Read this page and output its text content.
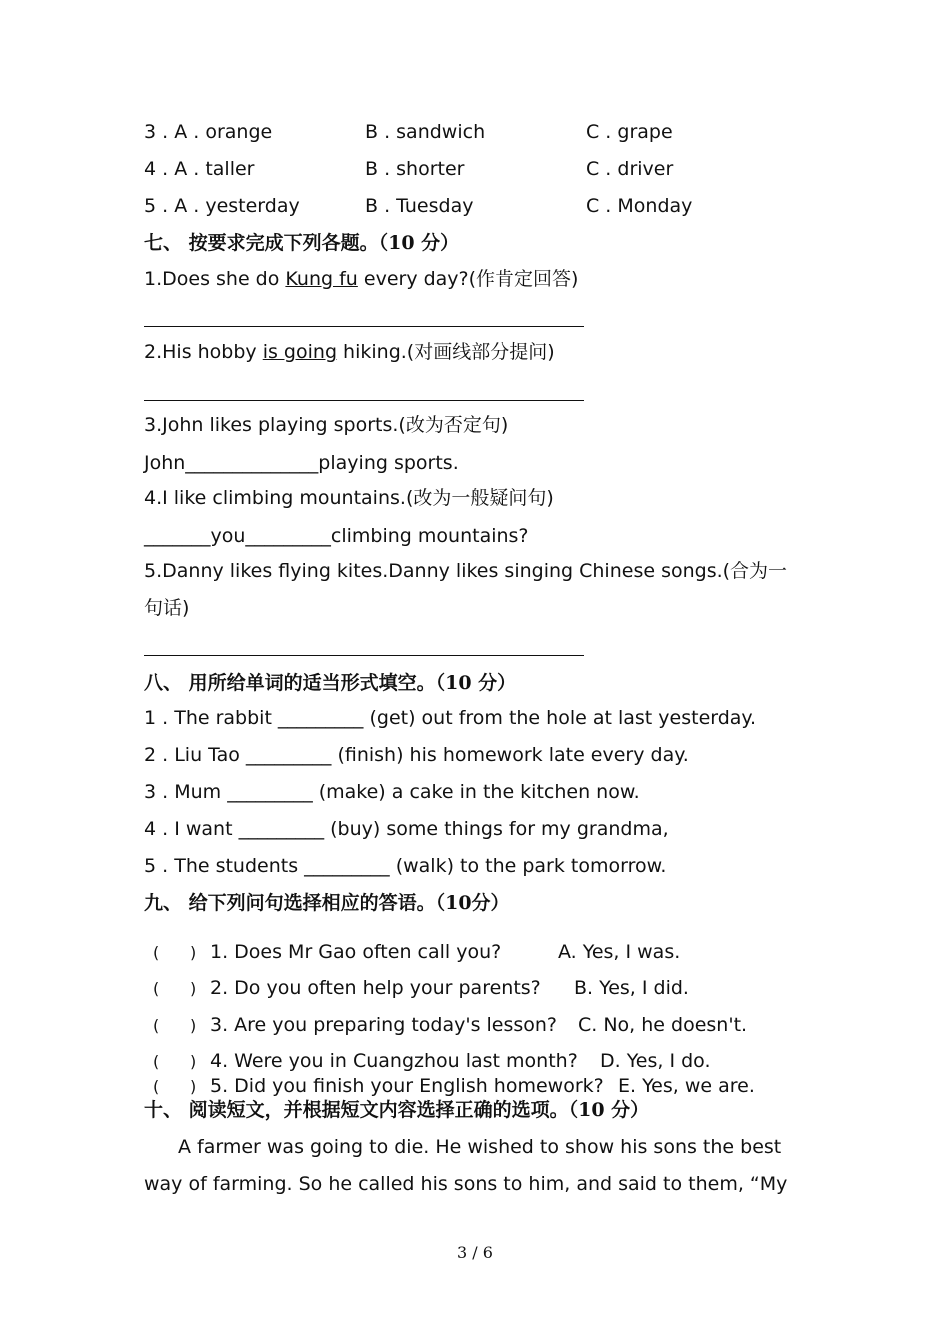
3 . A . orange	B . sandwich	C . grape
4 . A . taller	B . shorter	C . driver
5 . A . yesterday	B . Tuesday	C . Monday
七、 按要求完成下列各题。（10 分）
1.Does she do Kung fu every day?(作肯定回答)
2.His hobby is going hiking.(对画线部分提问)
3.John likes playing sports.(改为否定句)
John______________playing sports.
4.I like climbing mountains.(改为一般疑问句)
_______you_________climbing mountains?
5.Danny likes flying kites.Danny likes singing Chinese songs.(合为一
句话)
八、 用所给单词的适当形式填空。（10 分）
1 . The rabbit _________ (get) out from the hole at last yesterday.
2 . Liu Tao _________ (finish) his homework late every day.
3 . Mum _________ (make) a cake in the kitchen now.
4 . I want _________ (buy) some things for my grandma,
5 . The students _________ (walk) to the park tomorrow.
九、 给下列问句选择相应的答语。（10分）
( ) 1. Does Mr Gao often call you?	A. Yes, I was.
( ) 2. Do you often help your parents? B. Yes, I did.
( ) 3. Are you preparing today's lesson? C. No, he doesn't.
( ) 4. Were you in Cuangzhou last month? D. Yes, I do.
( ) 5. Did you finish your English homework? E. Yes, we are.
十、 阅读短文，并根据短文内容选择正确的选项。（10 分）
A farmer was going to die. He wished to show his sons the best
way of farming. So he called his sons to him, and said to them, “My
3 / 6
